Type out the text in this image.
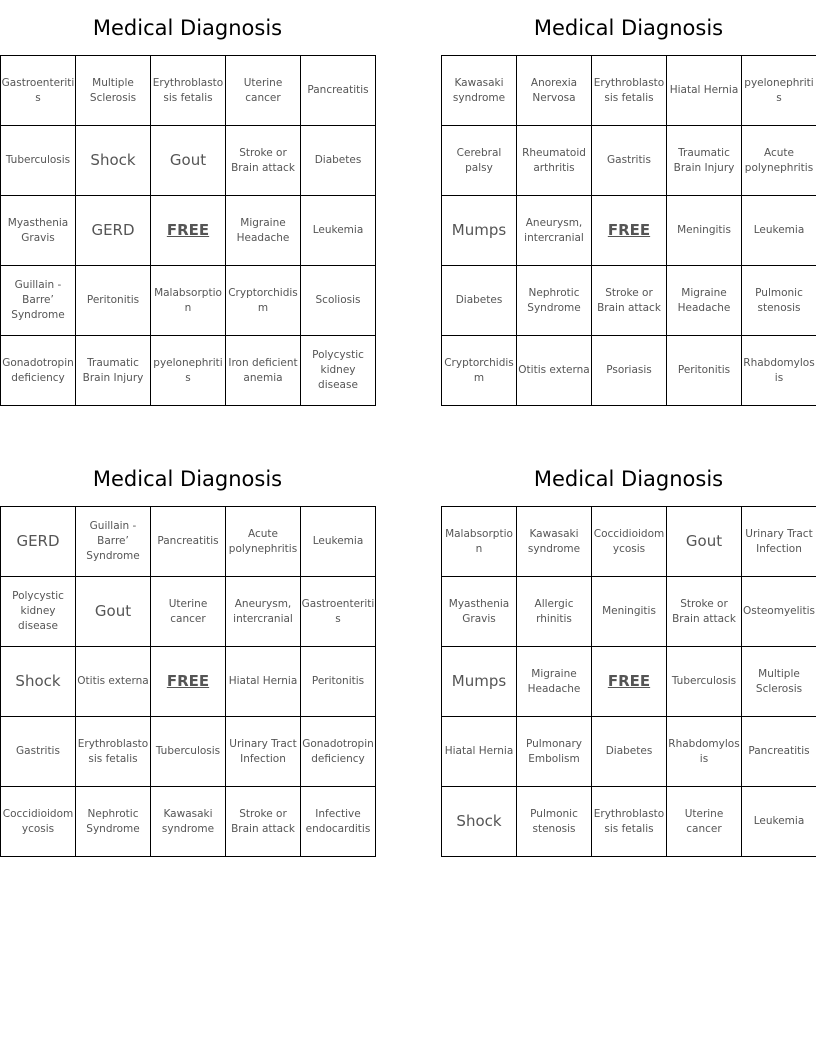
Medical Diagnosis
Gastroenteritis	Multiple Sclerosis	Erythroblastosis fetalis	Uterine cancer	Pancreatitis
Tuberculosis	Shock	Gout	Stroke or Brain attack	Diabetes
Myasthenia Gravis	GERD	FREE	Migraine Headache	Leukemia
Guillain - Barre’ Syndrome	Peritonitis	Malabsorption	Cryptorchidism	Scoliosis
Gonadotropin deficiency	Traumatic Brain Injury	pyelonephritis	Iron deficient anemia	Polycystic kidney disease
Medical Diagnosis
Kawasaki syndrome	Anorexia Nervosa	Erythroblastosis fetalis	Hiatal Hernia	pyelonephritis
Cerebral palsy	Rheumatoid arthritis	Gastritis	Traumatic Brain Injury	Acute polynephritis
Mumps	Aneurysm, intercranial	FREE	Meningitis	Leukemia
Diabetes	Nephrotic Syndrome	Stroke or Brain attack	Migraine Headache	Pulmonic stenosis
Cryptorchidism	Otitis externa	Psoriasis	Peritonitis	Rhabdomylosis
Medical Diagnosis
GERD	Guillain - Barre’ Syndrome	Pancreatitis	Acute polynephritis	Leukemia
Polycystic kidney disease	Gout	Uterine cancer	Aneurysm, intercranial	Gastroenteritis
Shock	Otitis externa	FREE	Hiatal Hernia	Peritonitis
Gastritis	Erythroblastosis fetalis	Tuberculosis	Urinary Tract Infection	Gonadotropin deficiency
Coccidioidomycosis	Nephrotic Syndrome	Kawasaki syndrome	Stroke or Brain attack	Infective endocarditis
Medical Diagnosis
Malabsorption	Kawasaki syndrome	Coccidioidomycosis	Gout	Urinary Tract Infection
Myasthenia Gravis	Allergic rhinitis	Meningitis	Stroke or Brain attack	Osteomyelitis
Mumps	Migraine Headache	FREE	Tuberculosis	Multiple Sclerosis
Hiatal Hernia	Pulmonary Embolism	Diabetes	Rhabdomylosis	Pancreatitis
Shock	Pulmonic stenosis	Erythroblastosis fetalis	Uterine cancer	Leukemia
